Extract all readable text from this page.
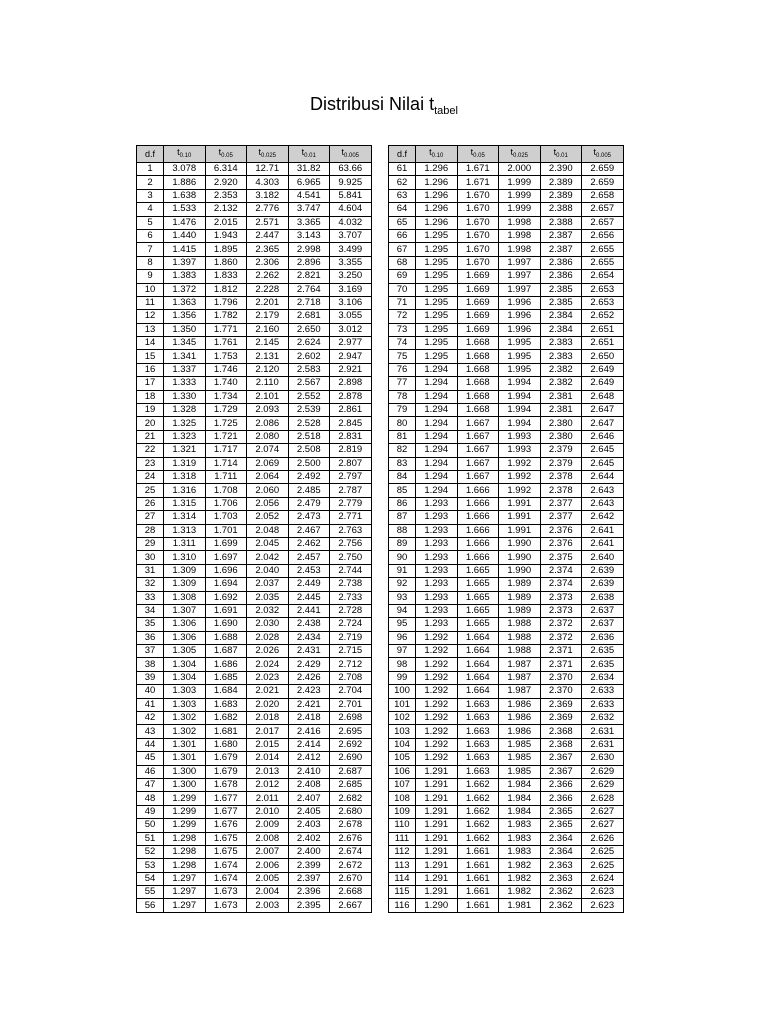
Distribusi Nilai $t_{tabel}$
d.f	$t_{0.10}$	$t_{0.05}$	$t_{0.025}$	$t_{0.01}$	$t_{0.005}$
1	3.078	6.314	12.71	31.82	63.66
2	1.886	2.920	4.303	6.965	9.925
3	1.638	2.353	3.182	4.541	5.841
4	1.533	2.132	2.776	3.747	4.604
5	1.476	2.015	2.571	3.365	4.032
6	1.440	1.943	2.447	3.143	3.707
7	1.415	1.895	2.365	2.998	3.499
8	1.397	1.860	2.306	2.896	3.355
9	1.383	1.833	2.262	2.821	3.250
10	1.372	1.812	2.228	2.764	3.169
11	1.363	1.796	2.201	2.718	3.106
12	1.356	1.782	2.179	2.681	3.055
13	1.350	1.771	2.160	2.650	3.012
14	1.345	1.761	2.145	2.624	2.977
15	1.341	1.753	2.131	2.602	2.947
16	1.337	1.746	2.120	2.583	2.921
17	1.333	1.740	2.110	2.567	2.898
18	1.330	1.734	2.101	2.552	2.878
19	1.328	1.729	2.093	2.539	2.861
20	1.325	1.725	2.086	2.528	2.845
21	1.323	1.721	2.080	2.518	2.831
22	1.321	1.717	2.074	2.508	2.819
23	1.319	1.714	2.069	2.500	2.807
24	1.318	1.711	2.064	2.492	2.797
25	1.316	1.708	2.060	2.485	2.787
26	1.315	1.706	2.056	2.479	2.779
27	1.314	1.703	2.052	2.473	2.771
28	1.313	1.701	2.048	2.467	2.763
29	1.311	1.699	2.045	2.462	2.756
30	1.310	1.697	2.042	2.457	2.750
31	1.309	1.696	2.040	2.453	2.744
32	1.309	1.694	2.037	2.449	2.738
33	1.308	1.692	2.035	2.445	2.733
34	1.307	1.691	2.032	2.441	2.728
35	1.306	1.690	2.030	2.438	2.724
36	1.306	1.688	2.028	2.434	2.719
37	1.305	1.687	2.026	2.431	2.715
38	1.304	1.686	2.024	2.429	2.712
39	1.304	1.685	2.023	2.426	2.708
40	1.303	1.684	2.021	2.423	2.704
41	1.303	1.683	2.020	2.421	2.701
42	1.302	1.682	2.018	2.418	2.698
43	1.302	1.681	2.017	2.416	2.695
44	1.301	1.680	2.015	2.414	2.692
45	1.301	1.679	2.014	2.412	2.690
46	1.300	1.679	2.013	2.410	2.687
47	1.300	1.678	2.012	2.408	2.685
48	1.299	1.677	2.011	2.407	2.682
49	1.299	1.677	2.010	2.405	2.680
50	1.299	1.676	2.009	2.403	2.678
51	1.298	1.675	2.008	2.402	2.676
52	1.298	1.675	2.007	2.400	2.674
53	1.298	1.674	2.006	2.399	2.672
54	1.297	1.674	2.005	2.397	2.670
55	1.297	1.673	2.004	2.396	2.668
56	1.297	1.673	2.003	2.395	2.667
d.f	$t_{0.10}$	$t_{0.05}$	$t_{0.025}$	$t_{0.01}$	$t_{0.005}$
61	1.296	1.671	2.000	2.390	2.659
62	1.296	1.671	1.999	2.389	2.659
63	1.296	1.670	1.999	2.389	2.658
64	1.296	1.670	1.999	2.388	2.657
65	1.296	1.670	1.998	2.388	2.657
66	1.295	1.670	1.998	2.387	2.656
67	1.295	1.670	1.998	2.387	2.655
68	1.295	1.670	1.997	2.386	2.655
69	1.295	1.669	1.997	2.386	2.654
70	1.295	1.669	1.997	2.385	2.653
71	1.295	1.669	1.996	2.385	2.653
72	1.295	1.669	1.996	2.384	2.652
73	1.295	1.669	1.996	2.384	2.651
74	1.295	1.668	1.995	2.383	2.651
75	1.295	1.668	1.995	2.383	2.650
76	1.294	1.668	1.995	2.382	2.649
77	1.294	1.668	1.994	2.382	2.649
78	1.294	1.668	1.994	2.381	2.648
79	1.294	1.668	1.994	2.381	2.647
80	1.294	1.667	1.994	2.380	2.647
81	1.294	1.667	1.993	2.380	2.646
82	1.294	1.667	1.993	2.379	2.645
83	1.294	1.667	1.992	2.379	2.645
84	1.294	1.667	1.992	2.378	2.644
85	1.294	1.666	1.992	2.378	2.643
86	1.293	1.666	1.991	2.377	2.643
87	1.293	1.666	1.991	2.377	2.642
88	1.293	1.666	1.991	2.376	2.641
89	1.293	1.666	1.990	2.376	2.641
90	1.293	1.666	1.990	2.375	2.640
91	1.293	1.665	1.990	2.374	2.639
92	1.293	1.665	1.989	2.374	2.639
93	1.293	1.665	1.989	2.373	2.638
94	1.293	1.665	1.989	2.373	2.637
95	1.293	1.665	1.988	2.372	2.637
96	1.292	1.664	1.988	2.372	2.636
97	1.292	1.664	1.988	2.371	2.635
98	1.292	1.664	1.987	2.371	2.635
99	1.292	1.664	1.987	2.370	2.634
100	1.292	1.664	1.987	2.370	2.633
101	1.292	1.663	1.986	2.369	2.633
102	1.292	1.663	1.986	2.369	2.632
103	1.292	1.663	1.986	2.368	2.631
104	1.292	1.663	1.985	2.368	2.631
105	1.292	1.663	1.985	2.367	2.630
106	1.291	1.663	1.985	2.367	2.629
107	1.291	1.662	1.984	2.366	2.629
108	1.291	1.662	1.984	2.366	2.628
109	1.291	1.662	1.984	2.365	2.627
110	1.291	1.662	1.983	2.365	2.627
111	1.291	1.662	1.983	2.364	2.626
112	1.291	1.661	1.983	2.364	2.625
113	1.291	1.661	1.982	2.363	2.625
114	1.291	1.661	1.982	2.363	2.624
115	1.291	1.661	1.982	2.362	2.623
116	1.290	1.661	1.981	2.362	2.623
